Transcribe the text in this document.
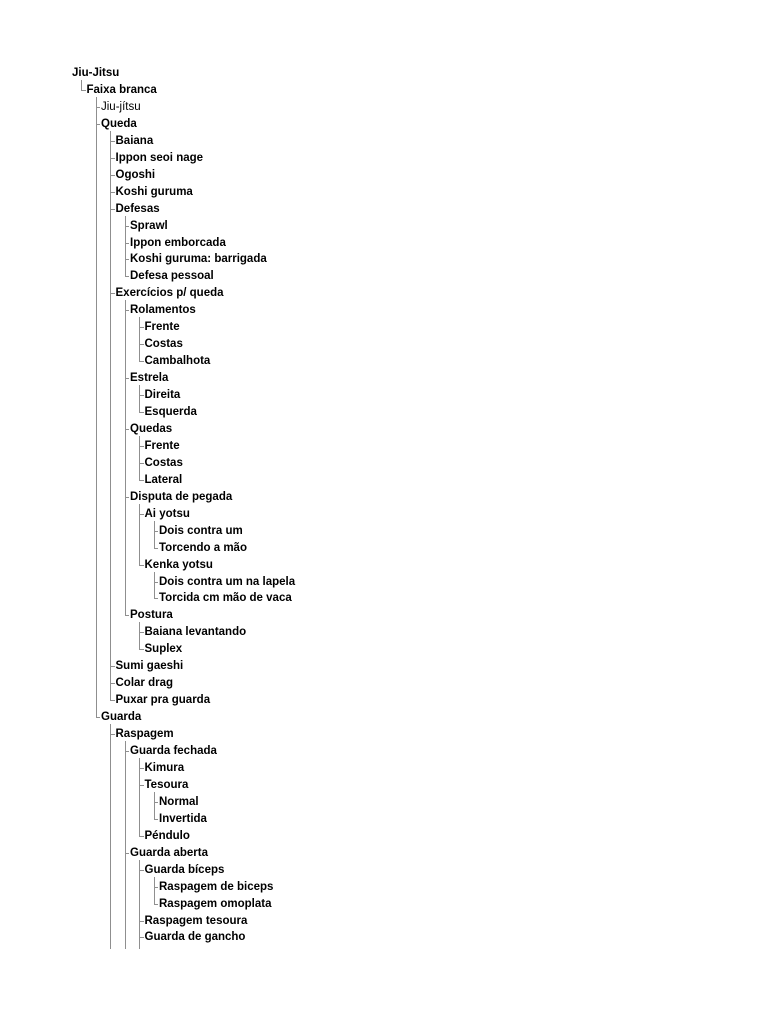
Jiu-Jitsu
Faixa branca
Jiu-jítsu
Queda
Baiana
Ippon seoi nage
Ogoshi
Koshi guruma
Defesas
Sprawl
Ippon emborcada
Koshi guruma: barrigada
Defesa pessoal
Exercícios p/ queda
Rolamentos
Frente
Costas
Cambalhota
Estrela
Direita
Esquerda
Quedas
Frente
Costas
Lateral
Disputa de pegada
Ai yotsu
Dois contra um
Torcendo a mão
Kenka yotsu
Dois contra um na lapela
Torcida cm mão de vaca
Postura
Baiana levantando
Suplex
Sumi gaeshi
Colar drag
Puxar pra guarda
Guarda
Raspagem
Guarda fechada
Kimura
Tesoura
Normal
Invertida
Péndulo
Guarda aberta
Guarda bíceps
Raspagem de biceps
Raspagem omoplata
Raspagem tesoura
Guarda de gancho
